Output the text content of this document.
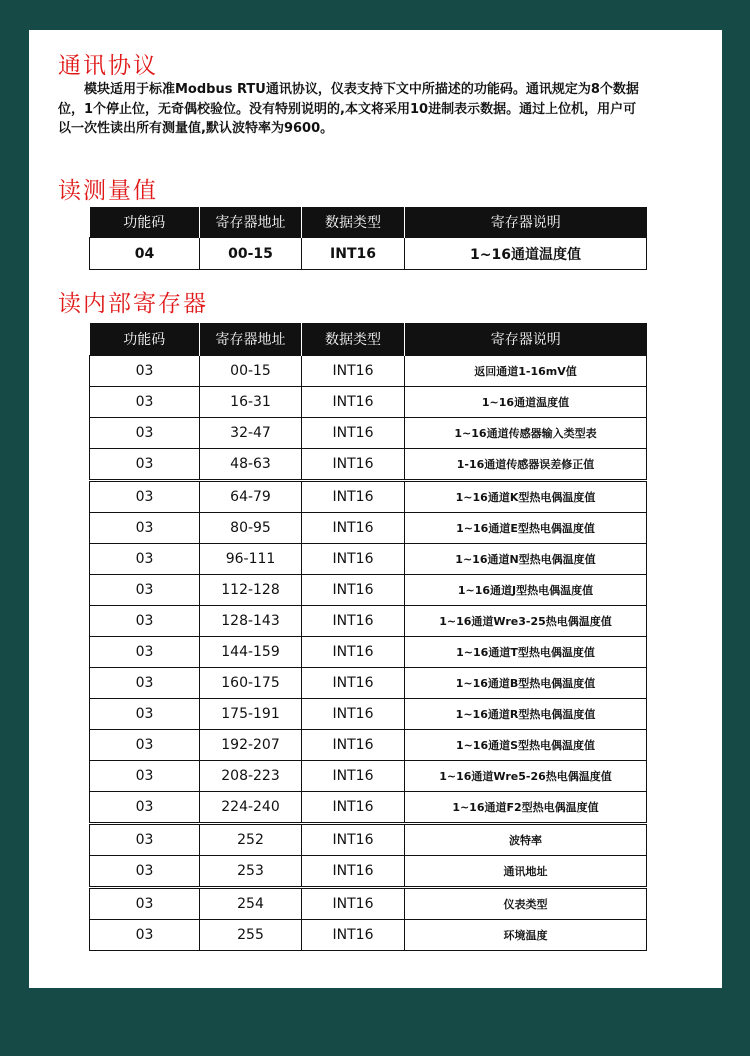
通讯协议

　　模块适用于标准Modbus RTU通讯协议，仪表支持下文中所描述的功能码。通讯规定为8个数据位，1个停止位，无奇偶校验位。没有特别说明的,本文将采用10进制表示数据。通过上位机，用户可以一次性读出所有测量值,默认波特率为9600。

读测量值
功能码	寄存器地址	数据类型	寄存器说明
04	00-15	INT16	1~16通道温度值
读内部寄存器
功能码	寄存器地址	数据类型	寄存器说明
03	00-15	INT16	返回通道1-16mV值
03	16-31	INT16	1~16通道温度值
03	32-47	INT16	1~16通道传感器输入类型表
03	48-63	INT16	1-16通道传感器误差修正值
03	64-79	INT16	1~16通道K型热电偶温度值
03	80-95	INT16	1~16通道E型热电偶温度值
03	96-111	INT16	1~16通道N型热电偶温度值
03	112-128	INT16	1~16通道J型热电偶温度值
03	128-143	INT16	1~16通道Wre3-25热电偶温度值
03	144-159	INT16	1~16通道T型热电偶温度值
03	160-175	INT16	1~16通道B型热电偶温度值
03	175-191	INT16	1~16通道R型热电偶温度值
03	192-207	INT16	1~16通道S型热电偶温度值
03	208-223	INT16	1~16通道Wre5-26热电偶温度值
03	224-240	INT16	1~16通道F2型热电偶温度值
03	252	INT16	波特率
03	253	INT16	通讯地址
03	254	INT16	仪表类型
03	255	INT16	环境温度
